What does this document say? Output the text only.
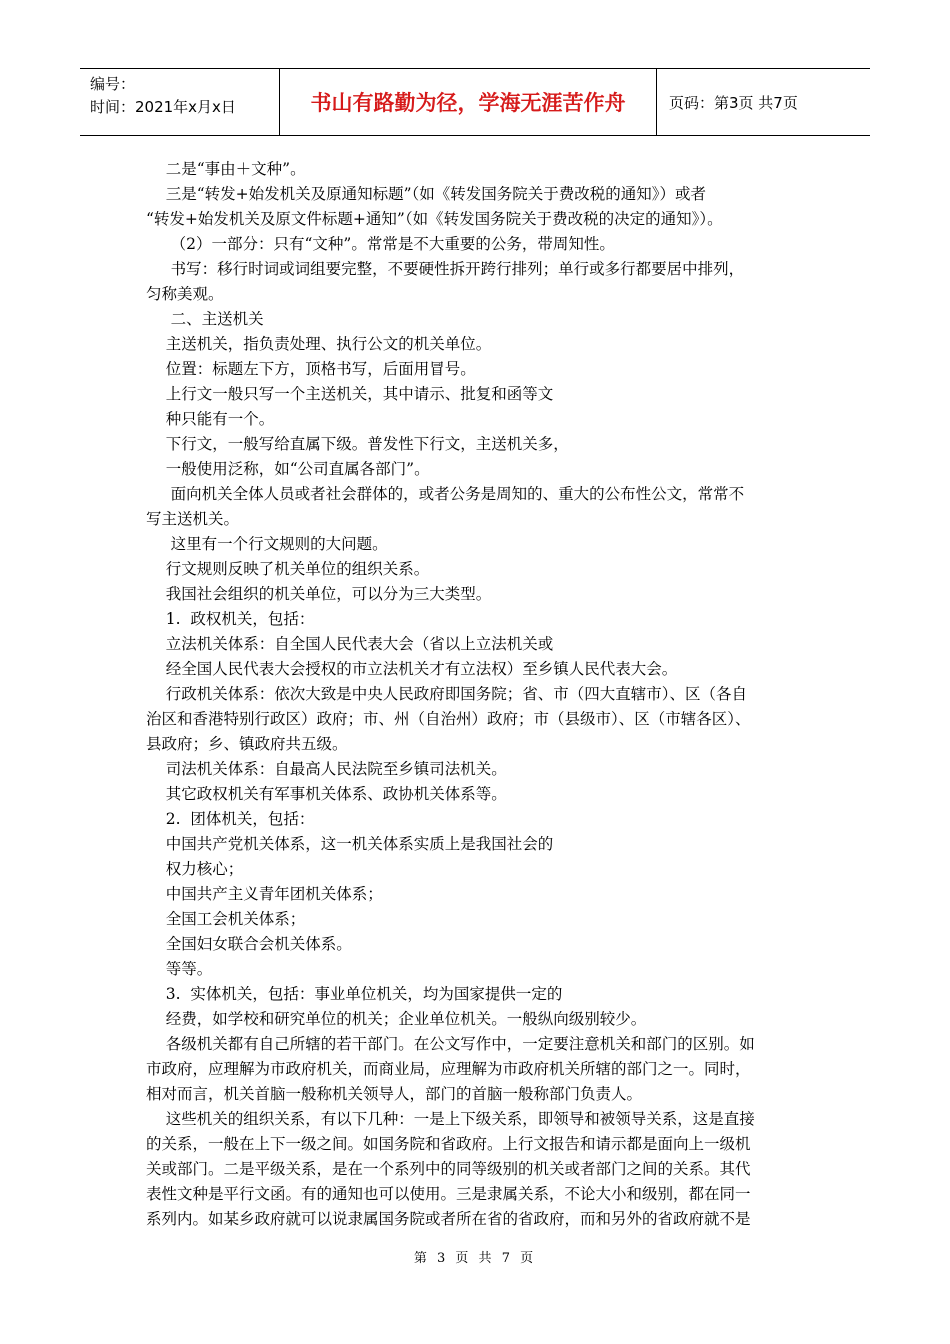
编号：
时间：2021年x月x日	书山有路勤为径，学海无涯苦作舟	页码：第3页 共7页

二是“事由＋文种”。

三是“转发+始发机关及原通知标题”（如《转发国务院关于费改税的通知》）或者

“转发+始发机关及原文件标题+通知”（如《转发国务院关于费改税的决定的通知》）。

（2）一部分：只有“文种”。常常是不大重要的公务，带周知性。

书写：移行时词或词组要完整，不要硬性拆开跨行排列；单行或多行都要居中排列，

匀称美观。

二、主送机关

主送机关，指负责处理、执行公文的机关单位。

位置：标题左下方，顶格书写，后面用冒号。

上行文一般只写一个主送机关，其中请示、批复和函等文

种只能有一个。

下行文，一般写给直属下级。普发性下行文，主送机关多，

一般使用泛称，如“公司直属各部门”。

面向机关全体人员或者社会群体的，或者公务是周知的、重大的公布性公文，常常不

写主送机关。

这里有一个行文规则的大问题。

行文规则反映了机关单位的组织关系。

我国社会组织的机关单位，可以分为三大类型。

1.  政权机关，包括：

立法机关体系：自全国人民代表大会（省以上立法机关或

经全国人民代表大会授权的市立法机关才有立法权）至乡镇人民代表大会。

行政机关体系：依次大致是中央人民政府即国务院；省、市（四大直辖市）、区（各自

治区和香港特别行政区）政府；市、州（自治州）政府；市（县级市）、区（市辖各区）、

县政府；乡、镇政府共五级。

司法机关体系：自最高人民法院至乡镇司法机关。

其它政权机关有军事机关体系、政协机关体系等。

2.  团体机关，包括：

中国共产党机关体系，这一机关体系实质上是我国社会的

权力核心；

中国共产主义青年团机关体系；

全国工会机关体系；

全国妇女联合会机关体系。

等等。

3.  实体机关，包括：事业单位机关，均为国家提供一定的

经费，如学校和研究单位的机关；企业单位机关。一般纵向级别较少。

各级机关都有自己所辖的若干部门。在公文写作中，一定要注意机关和部门的区别。如

市政府，应理解为市政府机关，而商业局，应理解为市政府机关所辖的部门之一。同时，

相对而言，机关首脑一般称机关领导人，部门的首脑一般称部门负责人。

这些机关的组织关系，有以下几种：一是上下级关系，即领导和被领导关系，这是直接

的关系，一般在上下一级之间。如国务院和省政府。上行文报告和请示都是面向上一级机

关或部门。二是平级关系，是在一个系列中的同等级别的机关或者部门之间的关系。其代

表性文种是平行文函。有的通知也可以使用。三是隶属关系，不论大小和级别，都在同一

系列内。如某乡政府就可以说隶属国务院或者所在省的省政府，而和另外的省政府就不是

第 3 页 共 7 页
